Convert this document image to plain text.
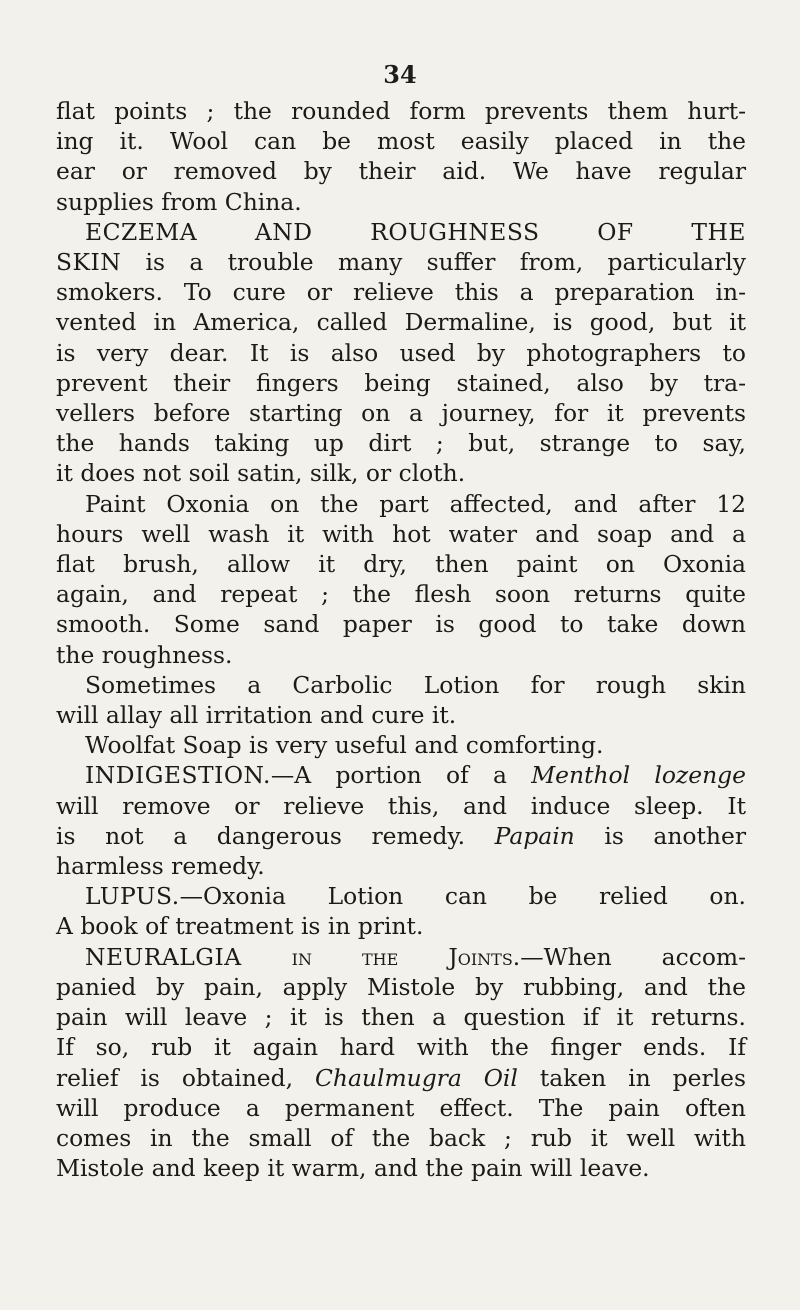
34
flat points ; the rounded form prevents them hurt-
ing it. Wool can be most easily placed in the
ear or removed by their aid. We have regular
supplies from China.
ECZEMA AND ROUGHNESS OF THE
SKIN is a trouble many suffer from, particularly
smokers. To cure or relieve this a preparation in-
vented in America, called Dermaline, is good, but it
is very dear. It is also used by photographers to
prevent their fingers being stained, also by tra-
vellers before starting on a journey, for it prevents
the hands taking up dirt ; but, strange to say,
it does not soil satin, silk, or cloth.
Paint Oxonia on the part affected, and after 12
hours well wash it with hot water and soap and a
flat brush, allow it dry, then paint on Oxonia
again, and repeat ; the flesh soon returns quite
smooth. Some sand paper is good to take down
the roughness.
Sometimes a Carbolic Lotion for rough skin
will allay all irritation and cure it.
Woolfat Soap is very useful and comforting.
INDIGESTION.—A portion of a Menthol lozenge
will remove or relieve this, and induce sleep. It
is not a dangerous remedy. Papain is another
harmless remedy.
LUPUS.—Oxonia Lotion can be relied on.
A book of treatment is in print.
NEURALGIA in the Joints.—When accom-
panied by pain, apply Mistole by rubbing, and the
pain will leave ; it is then a question if it returns.
If so, rub it again hard with the finger ends. If
relief is obtained, Chaulmugra Oil taken in perles
will produce a permanent effect. The pain often
comes in the small of the back ; rub it well with
Mistole and keep it warm, and the pain will leave.
